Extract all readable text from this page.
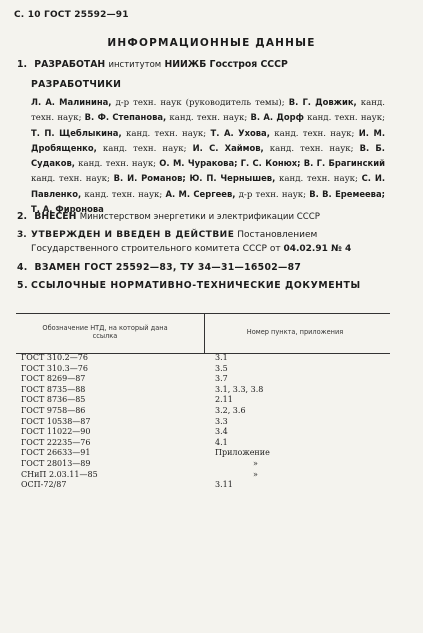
С. 10 ГОСТ 25592—91
ИНФОРМАЦИОННЫЕ ДАННЫЕ
1. РАЗРАБОТАН институтом НИИЖБ Госстроя СССР
РАЗРАБОТЧИКИ
Л. А. Малинина, д-р техн. наук (руководитель темы); В. Г. Довжик, канд. техн. наук; В. Ф. Степанова, канд. техн. наук; В. А. Дорф канд. техн. наук; Т. П. Щеблыкина, канд. техн. наук; Т. А. Ухова, канд. техн. наук; И. М. Дробященко, канд. техн. наук; И. С. Хаймов, канд. техн. наук; В. Б. Судаков, канд. техн. наук; О. М. Чуракова; Г. С. Конюх; В. Г. Брагинский канд. техн. наук; В. И. Романов; Ю. П. Чернышев, канд. техн. наук; С. И. Павленко, канд. техн. наук; А. М. Сергеев, д-р техн. наук; В. В. Еремеева; Т. А. Фиронова
2. ВНЕСЕН Министерством энергетики и электрификации СССР
3. УТВЕРЖДЕН И ВВЕДЕН В ДЕЙСТВИЕ Постановлением Государственного строительного комитета СССР от 04.02.91 № 4
4. ВЗАМЕН ГОСТ 25592—83, ТУ 34—31—16502—87
5. ССЫЛОЧНЫЕ НОРМАТИВНО-ТЕХНИЧЕСКИЕ ДОКУМЕНТЫ
Обозначение НТД, на который дана ссылка	Номер пункта, приложения
ГОСТ 310.2—76	3.1
ГОСТ 310.3—76	3.5
ГОСТ 8269—87	3.7
ГОСТ 8735—88	3.1, 3.3, 3.8
ГОСТ 8736—85	2.11
ГОСТ 9758—86	3.2, 3.6
ГОСТ 10538—87	3.3
ГОСТ 11022—90	3.4
ГОСТ 22235—76	4.1
ГОСТ 26633—91	Приложение
ГОСТ 28013—89	»
СНиП 2.03.11—85	»
ОСП-72/87	3.11
